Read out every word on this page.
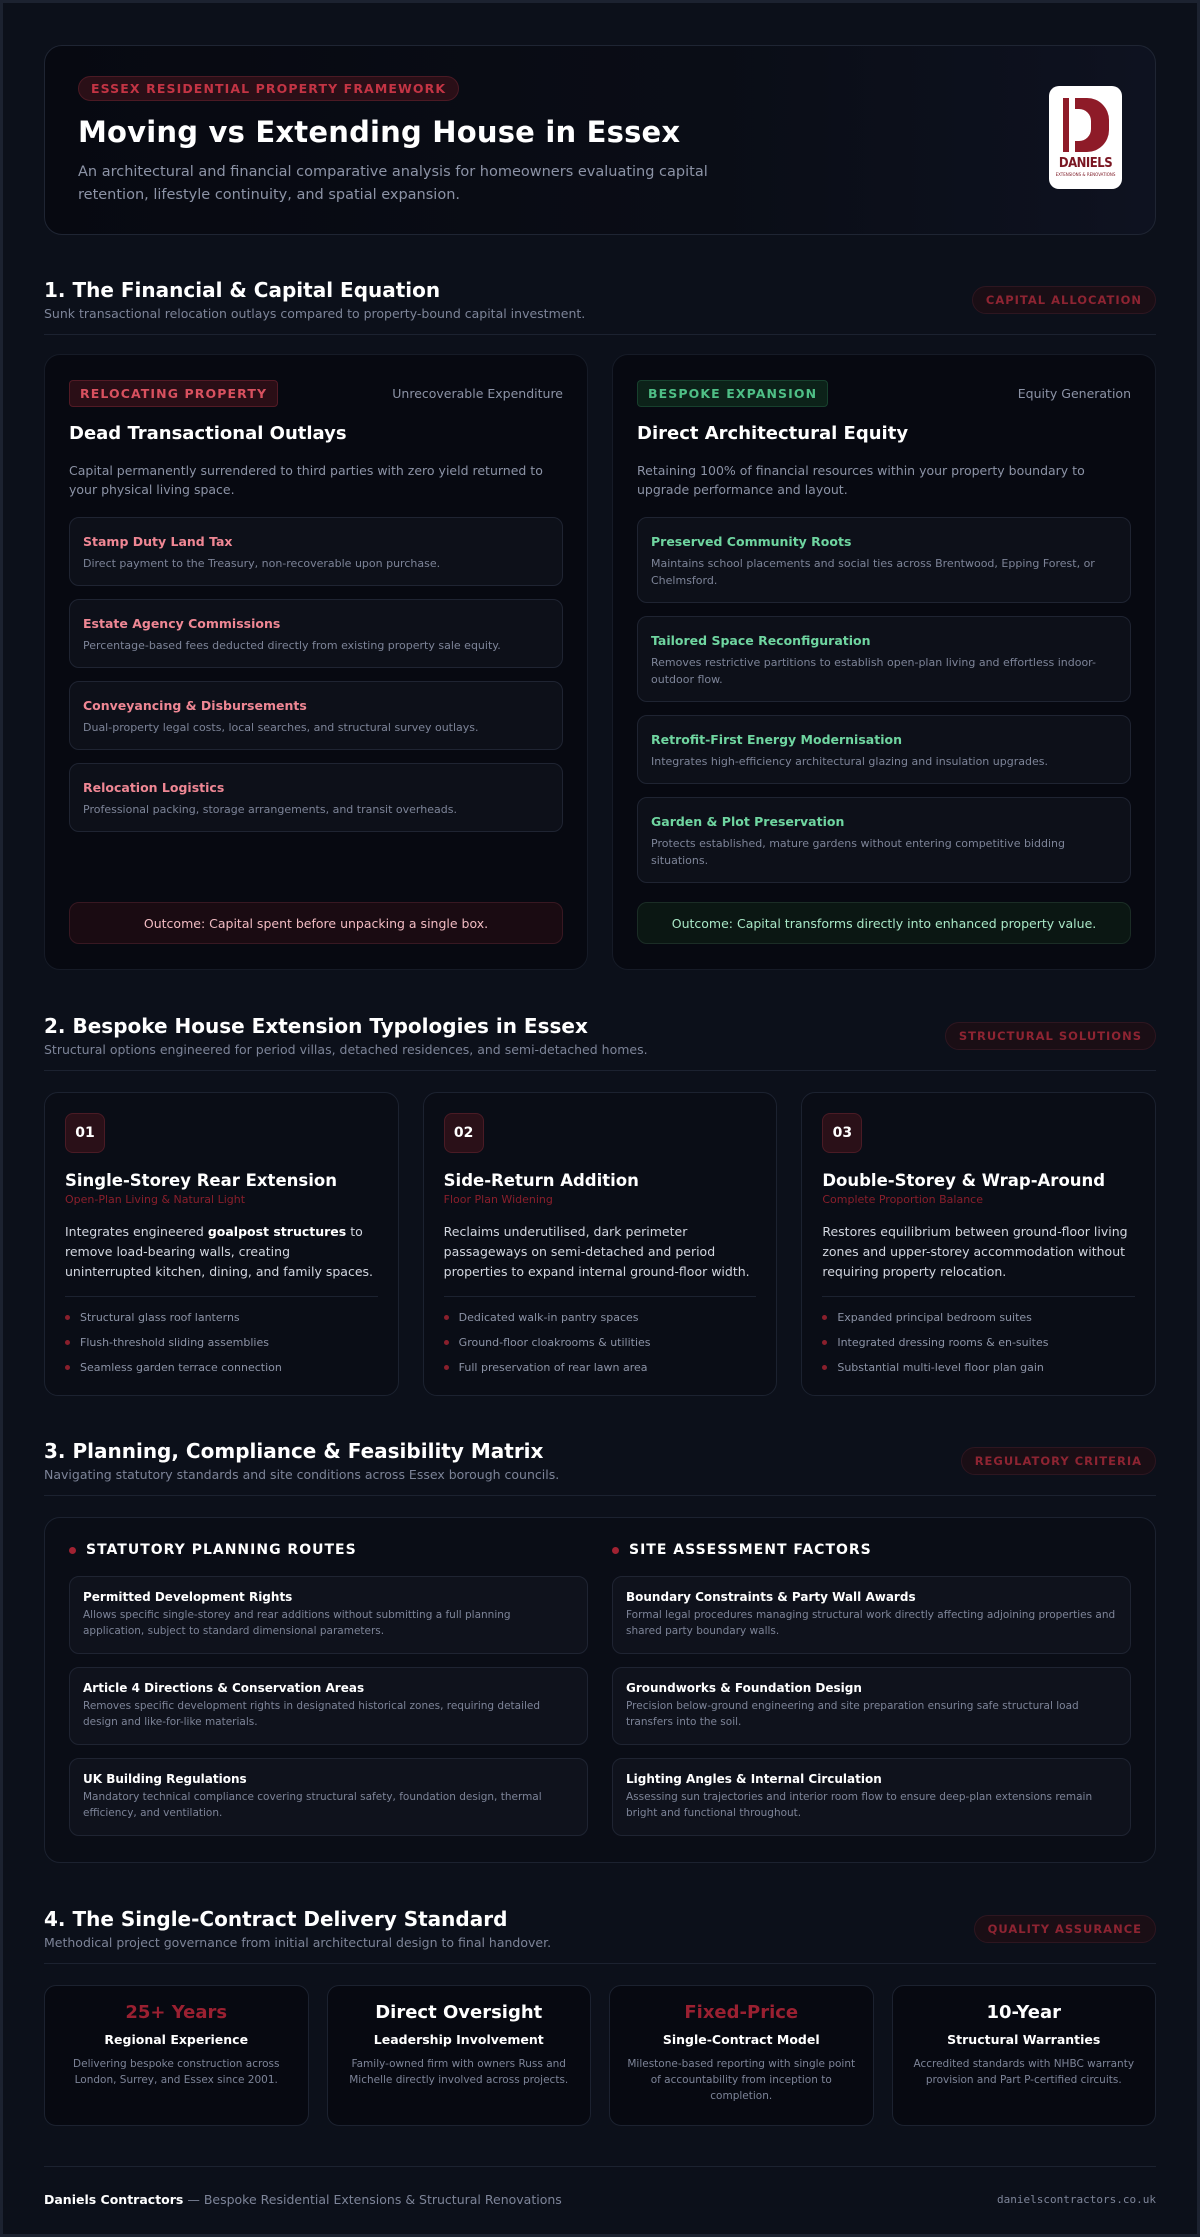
ESSEX RESIDENTIAL PROPERTY FRAMEWORK
Moving vs Extending House in Essex

An architectural and financial comparative analysis for homeowners evaluating capital retention, lifestyle continuity, and spatial expansion.

DANIELS
EXTENSIONS & RENOVATIONS
1. The Financial & Capital Equation
Sunk transactional relocation outlays compared to property-bound capital investment.
CAPITAL ALLOCATION
RELOCATING PROPERTY	Unrecoverable Expenditure
Dead Transactional Outlays
Capital permanently surrendered to third parties with zero yield returned to your physical living space.
Stamp Duty Land Tax
Direct payment to the Treasury, non-recoverable upon purchase.
Estate Agency Commissions
Percentage-based fees deducted directly from existing property sale equity.
Conveyancing & Disbursements
Dual-property legal costs, local searches, and structural survey outlays.
Relocation Logistics
Professional packing, storage arrangements, and transit overheads.
Outcome: Capital spent before unpacking a single box.
BESPOKE EXPANSION	Equity Generation
Direct Architectural Equity
Retaining 100% of financial resources within your property boundary to upgrade performance and layout.
Preserved Community Roots
Maintains school placements and social ties across Brentwood, Epping Forest, or Chelmsford.
Tailored Space Reconfiguration
Removes restrictive partitions to establish open-plan living and effortless indoor-outdoor flow.
Retrofit-First Energy Modernisation
Integrates high-efficiency architectural glazing and insulation upgrades.
Garden & Plot Preservation
Protects established, mature gardens without entering competitive bidding situations.
Outcome: Capital transforms directly into enhanced property value.
2. Bespoke House Extension Typologies in Essex
Structural options engineered for period villas, detached residences, and semi-detached homes.
STRUCTURAL SOLUTIONS
01
Single-Storey Rear Extension
Open-Plan Living & Natural Light
Integrates engineered goalpost structures to remove load-bearing walls, creating uninterrupted kitchen, dining, and family spaces.
Structural glass roof lanterns
Flush-threshold sliding assemblies
Seamless garden terrace connection
02
Side-Return Addition
Floor Plan Widening
Reclaims underutilised, dark perimeter passageways on semi-detached and period properties to expand internal ground-floor width.
Dedicated walk-in pantry spaces
Ground-floor cloakrooms & utilities
Full preservation of rear lawn area
03
Double-Storey & Wrap-Around
Complete Proportion Balance
Restores equilibrium between ground-floor living zones and upper-storey accommodation without requiring property relocation.
Expanded principal bedroom suites
Integrated dressing rooms & en-suites
Substantial multi-level floor plan gain
3. Planning, Compliance & Feasibility Matrix
Navigating statutory standards and site conditions across Essex borough councils.
REGULATORY CRITERIA
STATUTORY PLANNING ROUTES
Permitted Development Rights
Allows specific single-storey and rear additions without submitting a full planning application, subject to standard dimensional parameters.
Article 4 Directions & Conservation Areas
Removes specific development rights in designated historical zones, requiring detailed design and like-for-like materials.
UK Building Regulations
Mandatory technical compliance covering structural safety, foundation design, thermal efficiency, and ventilation.
SITE ASSESSMENT FACTORS
Boundary Constraints & Party Wall Awards
Formal legal procedures managing structural work directly affecting adjoining properties and shared party boundary walls.
Groundworks & Foundation Design
Precision below-ground engineering and site preparation ensuring safe structural load transfers into the soil.
Lighting Angles & Internal Circulation
Assessing sun trajectories and interior room flow to ensure deep-plan extensions remain bright and functional throughout.
4. The Single-Contract Delivery Standard
Methodical project governance from initial architectural design to final handover.
QUALITY ASSURANCE
25+ Years
Regional Experience
Delivering bespoke construction across London, Surrey, and Essex since 2001.
Direct Oversight
Leadership Involvement
Family-owned firm with owners Russ and Michelle directly involved across projects.
Fixed-Price
Single-Contract Model
Milestone-based reporting with single point of accountability from inception to completion.
10-Year
Structural Warranties
Accredited standards with NHBC warranty provision and Part P-certified circuits.
Daniels Contractors — Bespoke Residential Extensions & Structural Renovations	danielscontractors.co.uk
